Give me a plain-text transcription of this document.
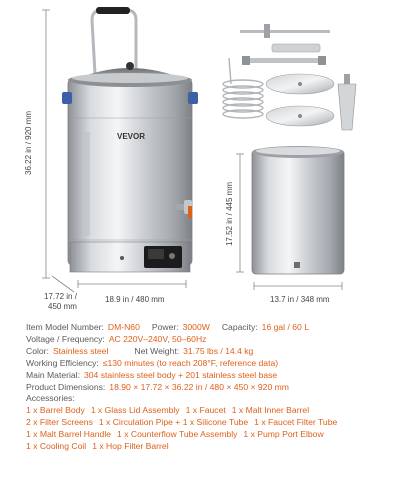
VEVOR
36.22 in / 920 mm
18.9 in / 480 mm
17.72 in /
450 mm
17.52 in / 445 mm
13.7 in / 348 mm
Item Model Number: DM-N60 Power: 3000W Capacity: 16 gal / 60 L
Voltage / Frequency: AC 220V–240V, 50–60Hz
Color: Stainless steel	Net Weight: 31.75 lbs / 14.4 kg
Working Efficiency: ≤130 minutes (to reach 208°F, reference data)
Main Material: 304 stainless steel body + 201 stainless steel base
Product Dimensions: 18.90 × 17.72 × 36.22 in / 480 × 450 × 920 mm
Accessories:
1 x Barrel Body 1 x Glass Lid Assembly 1 x Faucet 1 x Malt Inner Barrel
2 x Filter Screens 1 x Circulation Pipe + 1 x Silicone Tube 1 x Faucet Filter Tube
1 x Malt Barrel Handle 1 x Counterflow Tube Assembly 1 x Pump Port Elbow
1 x Cooling Coil 1 x Hop Filter Barrel
